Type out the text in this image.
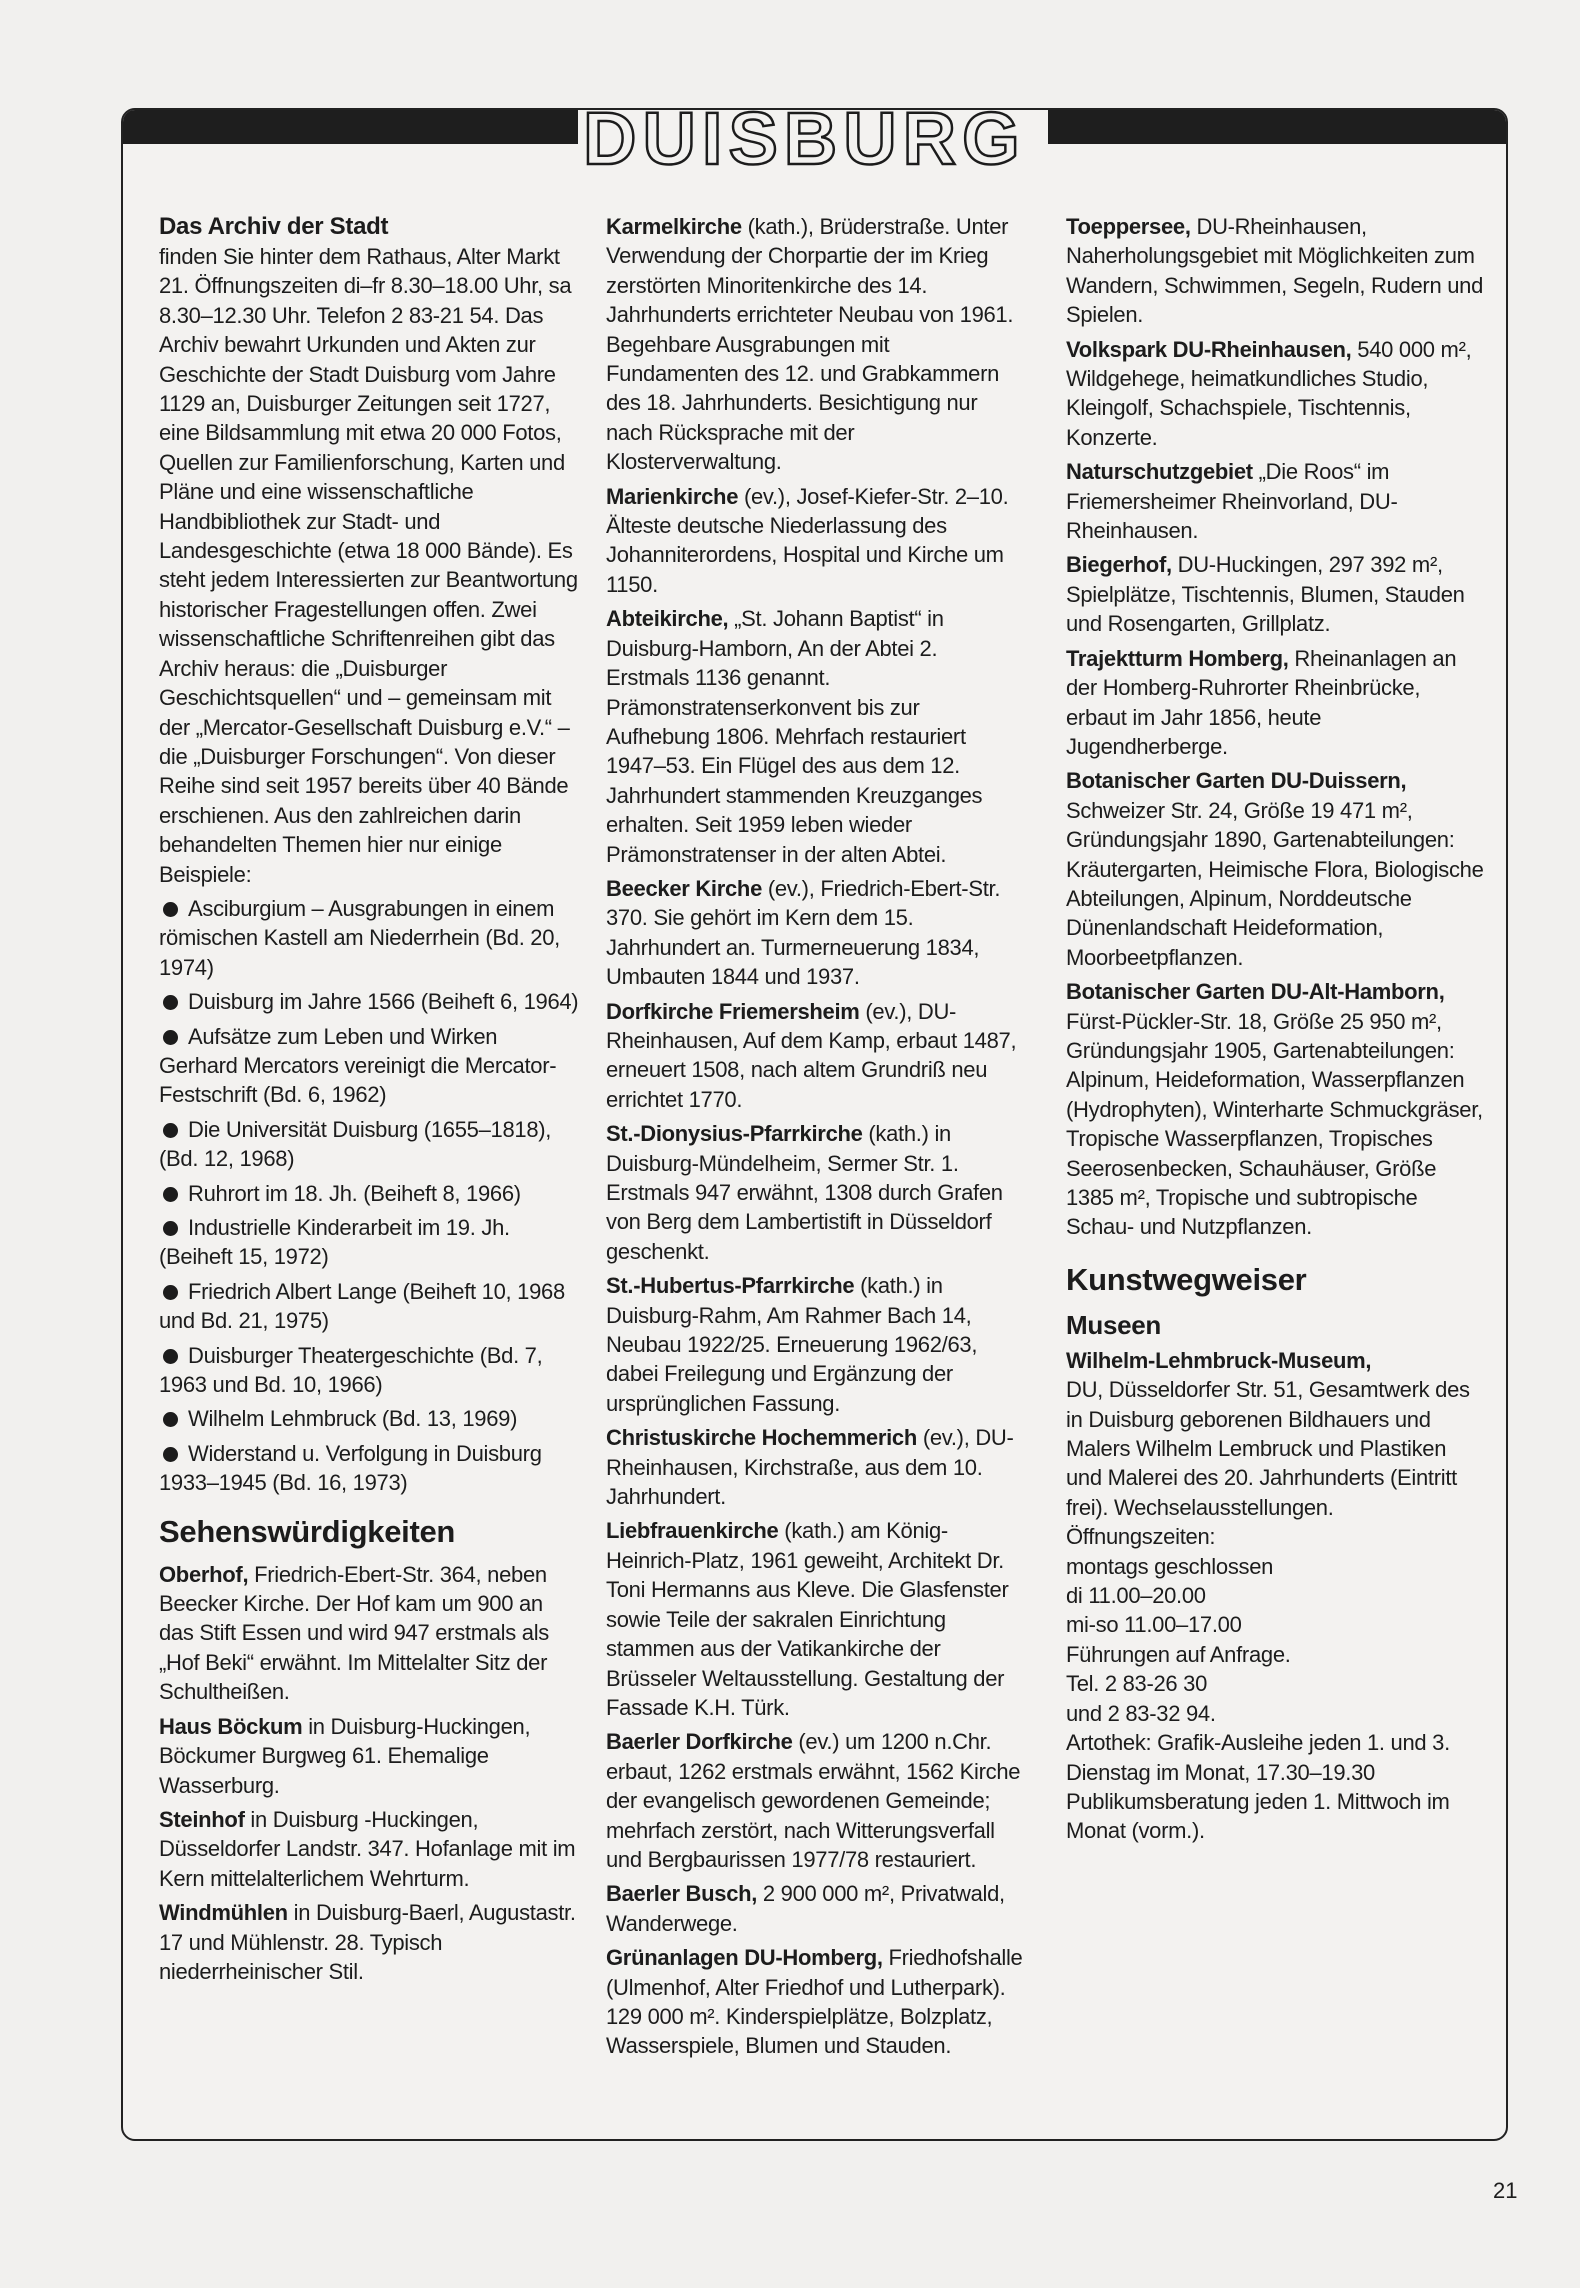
DUISBURG
Das Archiv der Stadt

finden Sie hinter dem Rathaus, Alter Markt 21. Öffnungszeiten di–fr 8.30–18.00 Uhr, sa 8.30–12.30 Uhr. Telefon 2 83-21 54. Das Archiv bewahrt Urkunden und Akten zur Geschichte der Stadt Duisburg vom Jahre 1129 an, Duisburger Zeitungen seit 1727, eine Bildsammlung mit etwa 20 000 Fotos, Quellen zur Familienforschung, Karten und Pläne und eine wissenschaftliche Handbibliothek zur Stadt- und Landesgeschichte (etwa 18 000 Bände). Es steht jedem Interessierten zur Beantwortung historischer Fragestellungen offen. Zwei wissenschaftliche Schriftenreihen gibt das Archiv heraus: die „Duisburger Geschichtsquellen“ und – gemeinsam mit der „Mercator-Gesellschaft Duisburg e.V.“ – die „Duisburger Forschungen“. Von dieser Reihe sind seit 1957 bereits über 40 Bände erschienen. Aus den zahlreichen darin behandelten Themen hier nur einige Beispiele:

Asciburgium – Ausgrabungen in einem römischen Kastell am Niederrhein (Bd. 20, 1974)
Duisburg im Jahre 1566 (Beiheft 6, 1964)
Aufsätze zum Leben und Wirken Gerhard Mercators vereinigt die Mercator-Festschrift (Bd. 6, 1962)
Die Universität Duisburg (1655–1818), (Bd. 12, 1968)
Ruhrort im 18. Jh. (Beiheft 8, 1966)
Industrielle Kinderarbeit im 19. Jh. (Beiheft 15, 1972)
Friedrich Albert Lange (Beiheft 10, 1968 und Bd. 21, 1975)
Duisburger Theatergeschichte (Bd. 7, 1963 und Bd. 10, 1966)
Wilhelm Lehmbruck (Bd. 13, 1969)
Widerstand u. Verfolgung in Duisburg 1933–1945 (Bd. 16, 1973)
Sehenswürdigkeiten

Oberhof, Friedrich-Ebert-Str. 364, neben Beecker Kirche. Der Hof kam um 900 an das Stift Essen und wird 947 erstmals als „Hof Beki“ erwähnt. Im Mittelalter Sitz der Schultheißen.

Haus Böckum in Duisburg-Huckingen, Böckumer Burgweg 61. Ehemalige Wasserburg.

Steinhof in Duisburg -Huckingen, Düsseldorfer Landstr. 347. Hofanlage mit im Kern mittelalterlichem Wehrturm.

Windmühlen in Duisburg-Baerl, Augustastr. 17 und Mühlenstr. 28. Typisch niederrheinischer Stil.

Karmelkirche (kath.), Brüderstraße. Unter Verwendung der Chorpartie der im Krieg zerstörten Minoritenkirche des 14. Jahrhunderts errichteter Neubau von 1961. Begehbare Ausgrabungen mit Fundamenten des 12. und Grabkammern des 18. Jahrhunderts. Besichtigung nur nach Rücksprache mit der Klosterverwaltung.

Marienkirche (ev.), Josef-Kiefer-Str. 2–10. Älteste deutsche Niederlassung des Johanniterordens, Hospital und Kirche um 1150.

Abteikirche, „St. Johann Baptist“ in Duisburg-Hamborn, An der Abtei 2. Erstmals 1136 genannt. Prämonstratenserkonvent bis zur Aufhebung 1806. Mehrfach restauriert 1947–53. Ein Flügel des aus dem 12. Jahrhundert stammenden Kreuzganges erhalten. Seit 1959 leben wieder Prämonstratenser in der alten Abtei.

Beecker Kirche (ev.), Friedrich-Ebert-Str. 370. Sie gehört im Kern dem 15. Jahrhundert an. Turmerneuerung 1834, Umbauten 1844 und 1937.

Dorfkirche Friemersheim (ev.), DU-Rheinhausen, Auf dem Kamp, erbaut 1487, erneuert 1508, nach altem Grundriß neu errichtet 1770.

St.-Dionysius-Pfarrkirche (kath.) in Duisburg-Mündelheim, Sermer Str. 1. Erstmals 947 erwähnt, 1308 durch Grafen von Berg dem Lambertistift in Düsseldorf geschenkt.

St.-Hubertus-Pfarrkirche (kath.) in Duisburg-Rahm, Am Rahmer Bach 14, Neubau 1922/25. Erneuerung 1962/63, dabei Freilegung und Ergänzung der ursprünglichen Fassung.

Christuskirche Hochemmerich (ev.), DU-Rheinhausen, Kirchstraße, aus dem 10. Jahrhundert.

Liebfrauenkirche (kath.) am König-Heinrich-Platz, 1961 geweiht, Architekt Dr. Toni Hermanns aus Kleve. Die Glasfenster sowie Teile der sakralen Einrichtung stammen aus der Vatikankirche der Brüsseler Weltausstellung. Gestaltung der Fassade K.H. Türk.

Baerler Dorfkirche (ev.) um 1200 n.Chr. erbaut, 1262 erstmals erwähnt, 1562 Kirche der evangelisch gewordenen Gemeinde; mehrfach zerstört, nach Witterungsverfall und Bergbaurissen 1977/78 restauriert.

Baerler Busch, 2 900 000 m², Privatwald, Wanderwege.

Grünanlagen DU-Homberg, Friedhofshalle (Ulmenhof, Alter Friedhof und Lutherpark). 129 000 m². Kinderspielplätze, Bolzplatz, Wasserspiele, Blumen und Stauden.

Toeppersee, DU-Rheinhausen, Naherholungsgebiet mit Möglichkeiten zum Wandern, Schwimmen, Segeln, Rudern und Spielen.

Volkspark DU-Rheinhausen, 540 000 m², Wildgehege, heimatkundliches Studio, Kleingolf, Schachspiele, Tischtennis, Konzerte.

Naturschutzgebiet „Die Roos“ im Friemersheimer Rheinvorland, DU-Rheinhausen.

Biegerhof, DU-Huckingen, 297 392 m², Spielplätze, Tischtennis, Blumen, Stauden und Rosengarten, Grillplatz.

Trajektturm Homberg, Rheinanlagen an der Homberg-Ruhrorter Rheinbrücke, erbaut im Jahr 1856, heute Jugendherberge.

Botanischer Garten DU-Duissern, Schweizer Str. 24, Größe 19 471 m², Gründungsjahr 1890, Gartenabteilungen: Kräutergarten, Heimische Flora, Biologische Abteilungen, Alpinum, Norddeutsche Dünenlandschaft Heideformation, Moorbeetpflanzen.

Botanischer Garten DU-Alt-Hamborn, Fürst-Pückler-Str. 18, Größe 25 950 m², Gründungsjahr 1905, Gartenabteilungen: Alpinum, Heideformation, Wasserpflanzen (Hydrophyten), Winterharte Schmuckgräser, Tropische Wasserpflanzen, Tropisches Seerosenbecken, Schauhäuser, Größe 1385 m², Tropische und subtropische Schau- und Nutzpflanzen.

Kunstwegweiser
Museen
Wilhelm-Lehmbruck-Museum,
DU, Düsseldorfer Str. 51, Gesamtwerk des in Duisburg geborenen Bildhauers und Malers Wilhelm Lembruck und Plastiken und Malerei des 20. Jahrhunderts (Eintritt frei). Wechselausstellungen.
Öffnungszeiten:
montags geschlossen
di 11.00–20.00
mi-so 11.00–17.00
Führungen auf Anfrage.
Tel. 2 83-26 30
und 2 83-32 94.
Artothek: Grafik-Ausleihe jeden 1. und 3. Dienstag im Monat, 17.30–19.30 Publikumsberatung jeden 1. Mittwoch im Monat (vorm.).
21
